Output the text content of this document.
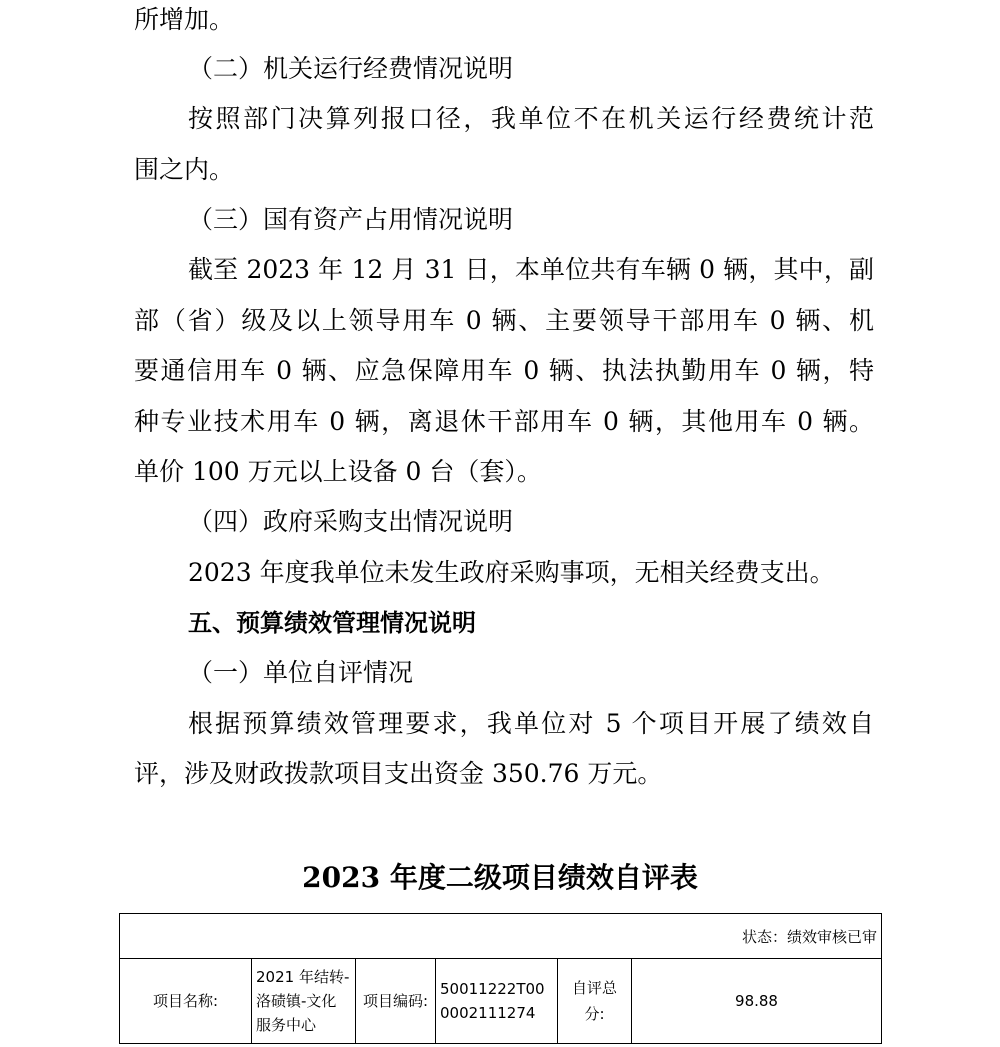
所增加。

（二）机关运行经费情况说明

按照部门决算列报口径，我单位不在机关运行经费统计范

围之内。

（三）国有资产占用情况说明

截至 2023 年 12 月 31 日，本单位共有车辆 0 辆，其中，副

部（省）级及以上领导用车 0 辆、主要领导干部用车 0 辆、机

要通信用车 0 辆、应急保障用车 0 辆、执法执勤用车 0 辆，特

种专业技术用车 0 辆，离退休干部用车 0 辆，其他用车 0 辆。

单价 100 万元以上设备 0 台（套）。

（四）政府采购支出情况说明

2023 年度我单位未发生政府采购事项，无相关经费支出。

五、预算绩效管理情况说明

（一）单位自评情况

根据预算绩效管理要求，我单位对 5 个项目开展了绩效自

评，涉及财政拨款项目支出资金 350.76 万元。

2023 年度二级项目绩效自评表
状态：绩效审核已审
项目名称:	2021 年结转-洛碛镇-文化服务中心	项目编码:	50011222T000002111274	自评总分:	98.88
